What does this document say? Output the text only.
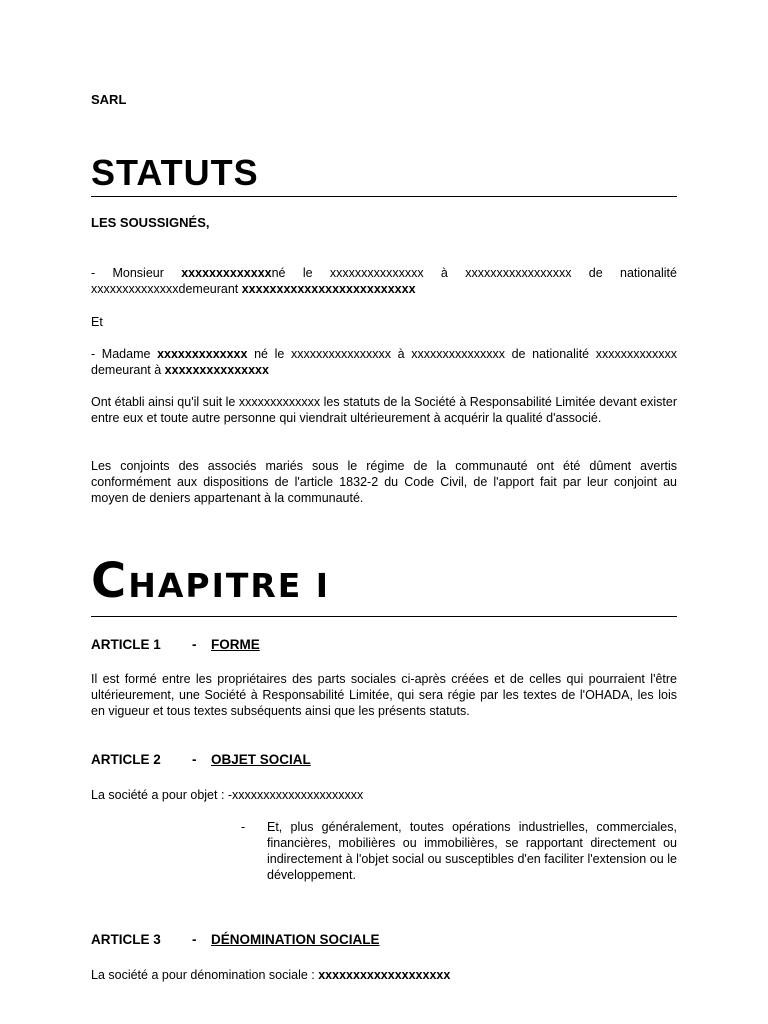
SARL
STATUTS
LES SOUSSIGNÉS,
- Monsieur xxxxxxxxxxxxxné le xxxxxxxxxxxxxxx à xxxxxxxxxxxxxxxxx de nationalité xxxxxxxxxxxxxxdemeurant xxxxxxxxxxxxxxxxxxxxxxxxx
Et
- Madame xxxxxxxxxxxxx né le xxxxxxxxxxxxxxxx à xxxxxxxxxxxxxxx de nationalité xxxxxxxxxxxxx demeurant à xxxxxxxxxxxxxxx
Ont établi ainsi qu'il suit le xxxxxxxxxxxxx les statuts de la Société à Responsabilité Limitée devant exister entre eux et toute autre personne qui viendrait ultérieurement à acquérir la qualité d'associé.
Les conjoints des associés mariés sous le régime de la communauté ont été dûment avertis conformément aux dispositions de l'article 1832-2 du Code Civil, de l'apport fait par leur conjoint au moyen de deniers appartenant à la communauté.
CHAPITRE I
ARTICLE 1 - FORME
Il est formé entre les propriétaires des parts sociales ci-après créées et de celles qui pourraient l'être ultérieurement, une Société à Responsabilité Limitée, qui sera régie par les textes de l'OHADA, les lois en vigueur et tous textes subséquents ainsi que les présents statuts.
ARTICLE 2 - OBJET SOCIAL
La société a pour objet : -xxxxxxxxxxxxxxxxxxxxx
- Et, plus généralement, toutes opérations industrielles, commerciales, financières, mobilières ou immobilières, se rapportant directement ou indirectement à l'objet social ou susceptibles d'en faciliter l'extension ou le développement.
ARTICLE 3 - DÉNOMINATION SOCIALE
La société a pour dénomination sociale : xxxxxxxxxxxxxxxxxxx
